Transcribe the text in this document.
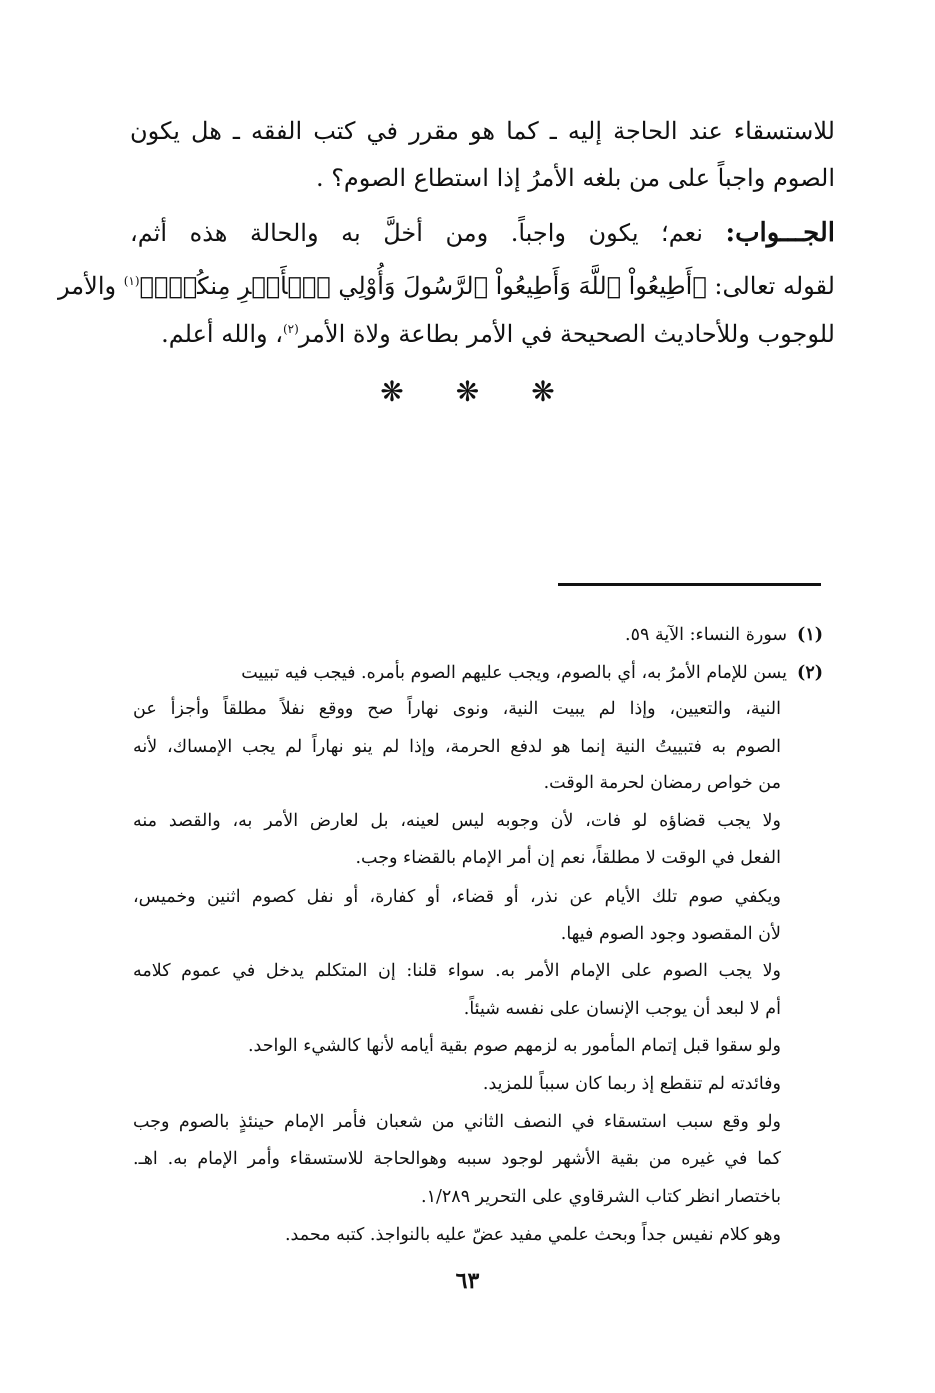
للاستسقاء عند الحاجة إليه ـ كما هو مقرر في كتب الفقه ـ هل يكون
الصوم واجباً على من بلغه الأمرُ إذا استطاع الصوم؟ .
الجـــواب: نعم؛ يكون واجباً. ومن أخلَّ به والحالة هذه أثم،
لقوله تعالى: ﴿أَطِيعُواْ ٱللَّهَ وَأَطِيعُواْ ٱلرَّسُولَ وَأُوْلِي ٱلۡأَمۡرِ مِنكُمۡۖ﴾$^{(١)}$ والأمر
للوجوب وللأحاديث الصحيحة في الأمر بطاعة ولاة الأمر$^{(٢)}$، والله أعلم.
❋ ❋ ❋
(١)سورة النساء: الآية ٥٩.
(٢)يسن للإمام الأمرُ به، أي بالصوم، ويجب عليهم الصوم بأمره. فيجب فيه تبييت
النية، والتعيين، وإذا لم يبيت النية، ونوى نهاراً صح ووقع نفلاً مطلقاً وأجزأ عن
الصوم به فتبييتُ النية إنما هو لدفع الحرمة، وإذا لم ينو نهاراً لم يجب الإمساك، لأنه
من خواص رمضان لحرمة الوقت.
ولا يجب قضاؤه لو فات، لأن وجوبه ليس لعينه، بل لعارض الأمر به، والقصد منه
الفعل في الوقت لا مطلقاً، نعم إن أمر الإمام بالقضاء وجب.
ويكفي صوم تلك الأيام عن نذر، أو قضاء، أو كفارة، أو نفل كصوم اثنين وخميس،
لأن المقصود وجود الصوم فيها.
ولا يجب الصوم على الإمام الأمر به. سواء قلنا: إن المتكلم يدخل في عموم كلامه
أم لا لبعد أن يوجب الإنسان على نفسه شيئاً.
ولو سقوا قبل إتمام المأمور به لزمهم صوم بقية أيامه لأنها كالشيء الواحد.
وفائدته لم تنقطع إذ ربما كان سبباً للمزيد.
ولو وقع سبب استسقاء في النصف الثاني من شعبان فأمر الإمام حينئذٍ بالصوم وجب
كما في غيره من بقية الأشهر لوجود سببه وهوالحاجة للاستسقاء وأمر الإمام به. اهـ.
باختصار انظر كتاب الشرقاوي على التحرير ١/٢٨٩.
وهو كلام نفيس جداً وبحث علمي مفيد عضّ عليه بالنواجذ. كتبه محمد.
٦٣
